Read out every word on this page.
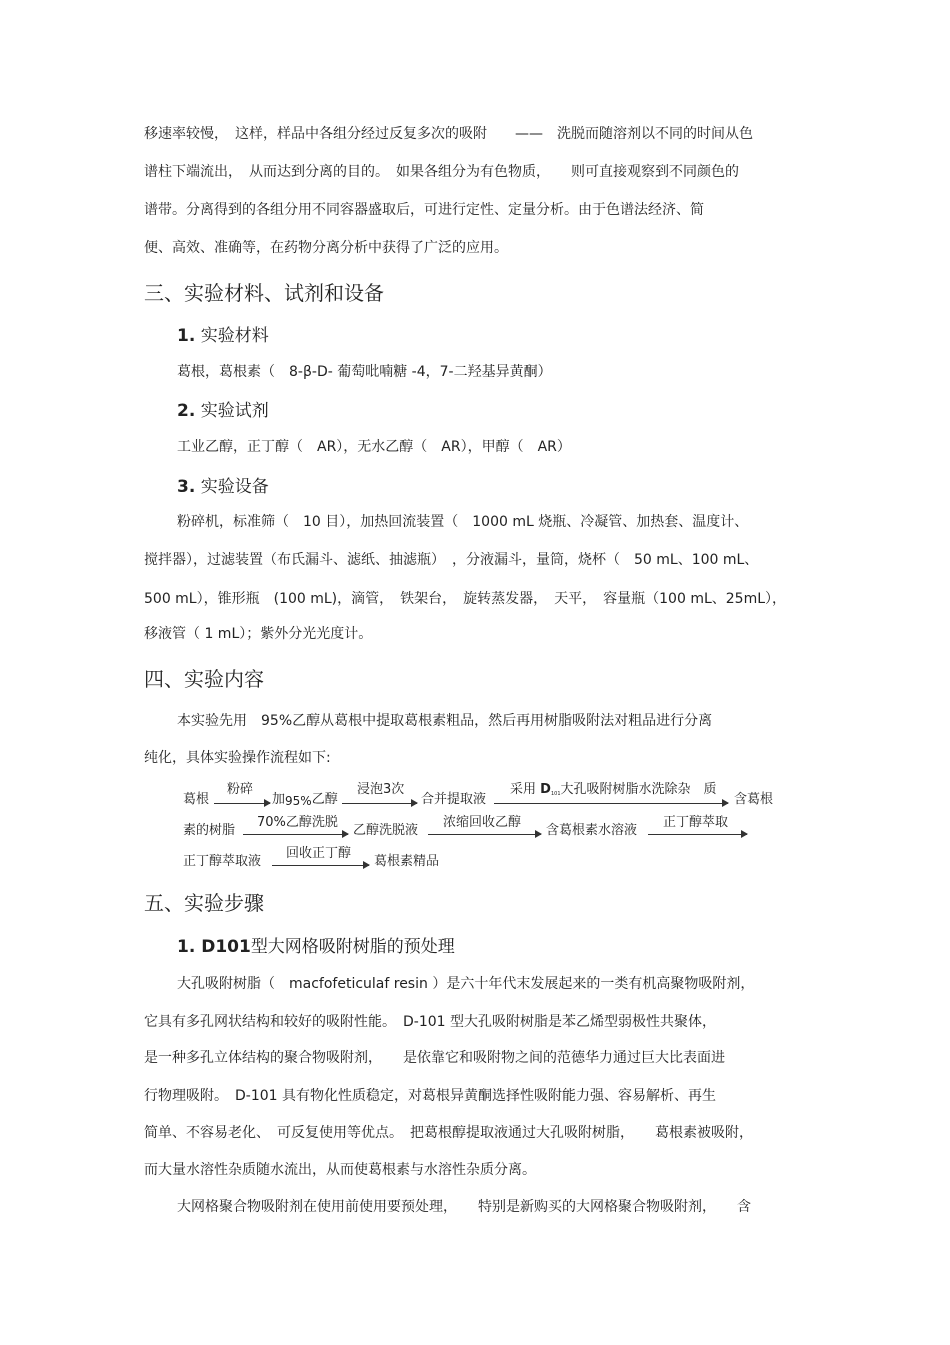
移速率较慢，　这样，样品中各组分经过反复多次的吸附　　——　洗脱而随溶剂以不同的时间从色
谱柱下端流出，　从而达到分离的目的。　如果各组分为有色物质，　　则可直接观察到不同颜色的
谱带。分离得到的各组分用不同容器盛取后，可进行定性、定量分析。由于色谱法经济、简
便、高效、准确等，在药物分离分析中获得了广泛的应用。
三、实验材料、试剂和设备
1. 实验材料
葛根，葛根素（　8-β-D- 葡萄吡喃糖 -4，7-二羟基异黄酮）
2. 实验试剂
工业乙醇，正丁醇（　AR），无水乙醇（　AR），甲醇（　AR）
3. 实验设备
粉碎机，标准筛（　10 目），加热回流装置（　1000 mL 烧瓶、冷凝管、加热套、温度计、
搅拌器），过滤装置（布氏漏斗、滤纸、抽滤瓶）　，分液漏斗，量筒，烧杯（　50 mL、100 mL、
500 mL），锥形瓶　(100 mL)，滴管，　铁架台，　旋转蒸发器，　天平，　容量瓶（100 mL、25mL），
移液管（ 1 mL）；紫外分光光度计。
四、实验内容
本实验先用　95%乙醇从葛根中提取葛根素粗品，然后再用树脂吸附法对粗品进行分离
纯化，具体实验操作流程如下:
葛根
粉碎
加95%乙醇
浸泡3次
合并提取液
采用 $D_{101}$大孔吸附树脂水洗除杂　质
含葛根
素的树脂
70%乙醇洗脱
乙醇洗脱液
浓缩回收乙醇
含葛根素水溶液
正丁醇萃取
正丁醇萃取液
回收正丁醇
葛根素精品
五、实验步骤
1. D101型大网格吸附树脂的预处理
大孔吸附树脂（　macfofeticulaf resin ）是六十年代末发展起来的一类有机高聚物吸附剂，
它具有多孔网状结构和较好的吸附性能。　D-101 型大孔吸附树脂是苯乙烯型弱极性共聚体，
是一种多孔立体结构的聚合物吸附剂，　　是依靠它和吸附物之间的范德华力通过巨大比表面进
行物理吸附。　D-101 具有物化性质稳定，对葛根异黄酮选择性吸附能力强、容易解析、再生
简单、不容易老化、　可反复使用等优点。　把葛根醇提取液通过大孔吸附树脂，　　葛根素被吸附，
而大量水溶性杂质随水流出，从而使葛根素与水溶性杂质分离。
大网格聚合物吸附剂在使用前使用要预处理，　　特别是新购买的大网格聚合物吸附剂，　　含
